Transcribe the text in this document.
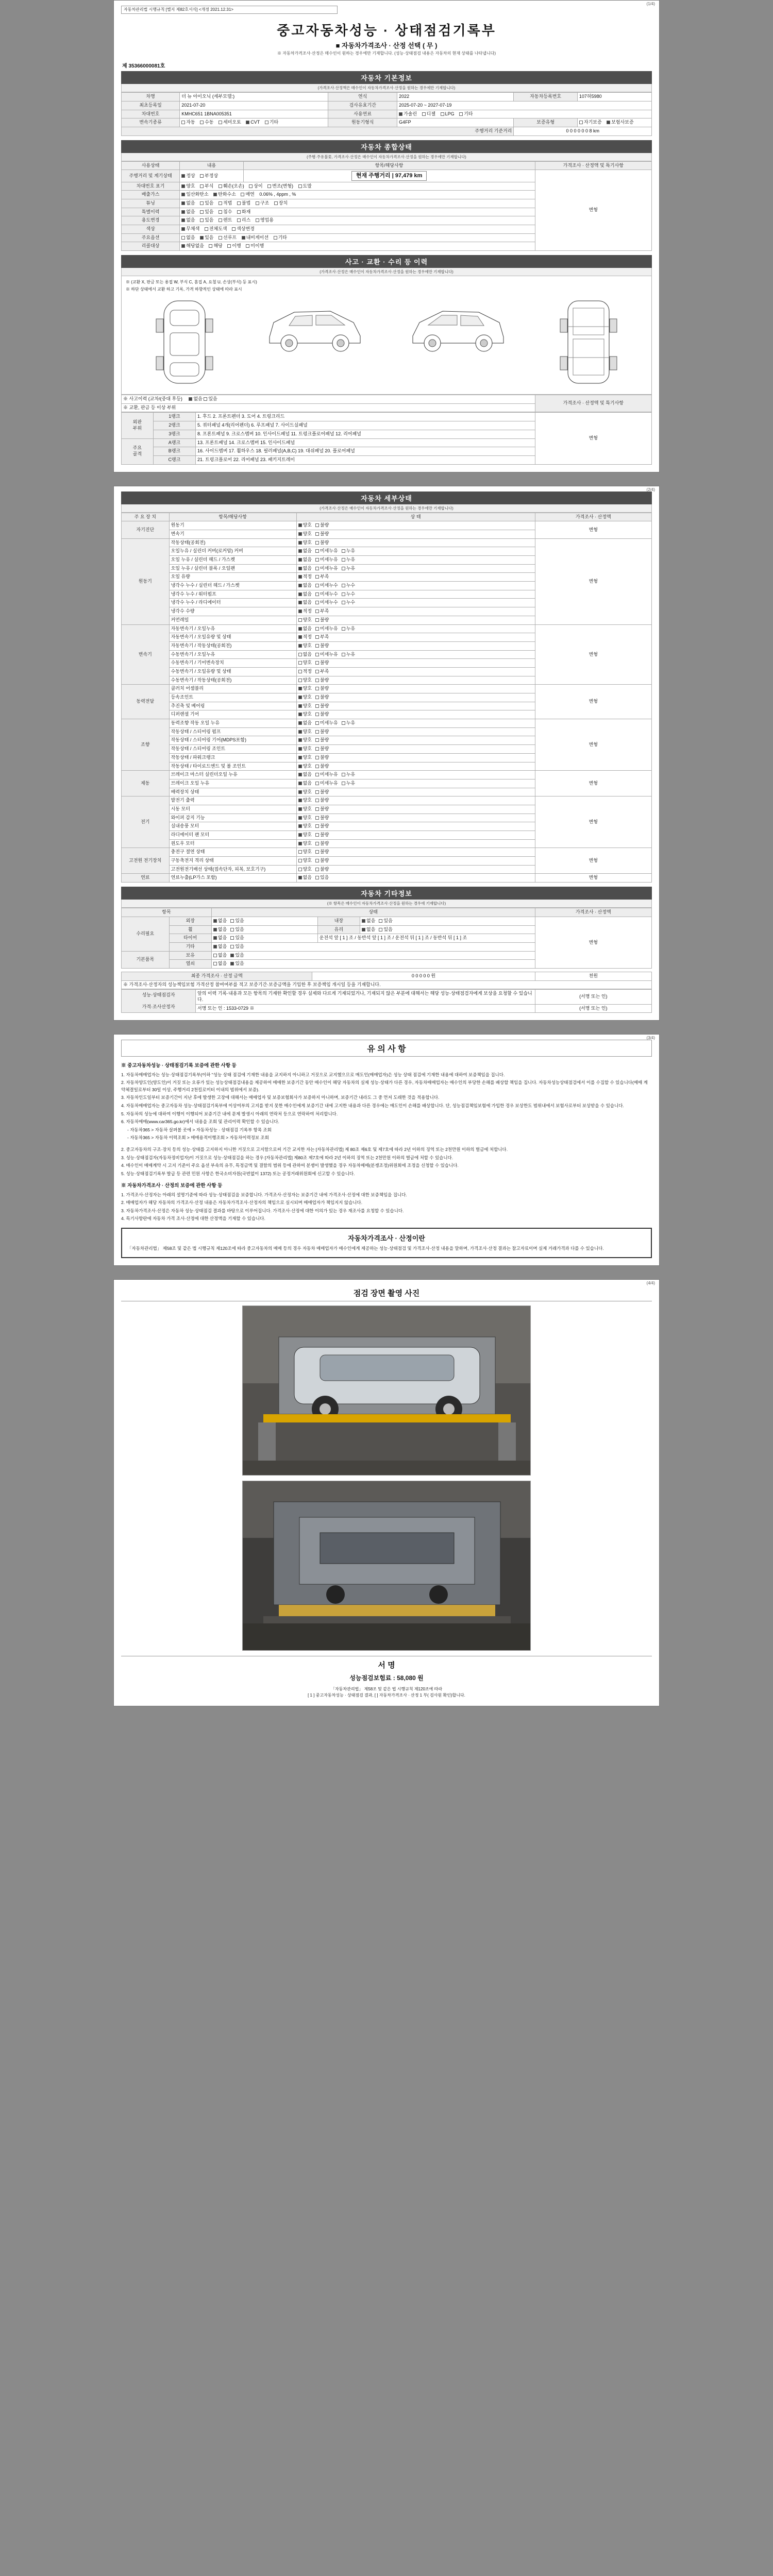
(1/4)
자동차관리법 시행규칙 [별지 제82호서식] <개정 2021.12.31>
중고자동차성능 · 상태점검기록부
■ 자동차가격조사 · 산정 선택 ( 무 )
※ 자동차가격조사·산정은 매수인이 원하는 경우에만 기재합니다. (성능·상태점검 내용은 자동차의 현재 상태를 나타냅니다)
제 35366000081호
자동차 기본정보
(가격조사·산정액은 매수인이 자동차가격조사·산정을 원하는 경우에만 기재합니다)
차명	더 뉴 아이오닉 (세부모델:)	연식	2022	자동차등록번호	107허5980
최초등록일	2021-07-20	검사유효기간	2025-07-20 ~ 2027-07-19		
차대번호	KMHC651 1BNA005351	사용연료	가솔린 디젤 LPG 기타		
변속기종류	자동 수동 세미오토 CVT 기타	원동기형식	G4FP	보증유형	자기보증 보험사보증
주행거리 기준거리				0 0 0 0 0 0 8 km	
자동차 종합상태
(주행·주유불꽃, 가격조사·산정은 매수인이 자동차가격조사·산정을 원하는 경우에만 기재합니다)
사용상태	내용	항목/해당사항	가격조사 · 산정액 및 특기사항
주행거리 및 계기상태	정상 부정상	현재 주행거리 | 97,479 km	변형
차대번호 표기	양호 부식 훼손(오손) 상이 변조(변형) 도말		
배출가스	일산화탄소 탄화수소 매연 0.06% , 4ppm , %		
튜닝	없음 있음 적법 불법 구조 장치		
특별이력	없음 있음 침수 화재		
용도변경	없음 있음 렌트 리스 영업용		
색상	무채색 전체도색 색상변경		
주요옵션	없음 있음 선루프 내비게이션 기타		
리콜대상	해당없음 해당 이행 미이행		
사고 · 교환 · 수리 등 이력
(가격조사·산정은 매수인이 자동차가격조사·산정을 원하는 경우에만 기재합니다)
※ (교환 X, 판금 또는 용접 W, 부식 C, 흠집 A, 요철 U, 손상(부식) 등 표시)
※ 하단 상태에서 교환 하고 기록, 가격 하향적인 상태에 따라 표시
※ 사고이력 (교차/(중대 후등) 없음 있음	가격조사 · 산정액 및 특기사항
※ 교환, 판금 등 이상 부위
외판
부위	1랭크	1. 후드 2. 프론트펜더 3. 도어 4. 트렁크리드	변형
	2랭크	5. 쿼터패널 4개(리어펜더) 6. 루프패널 7. 사이드실패널	
	3랭크	8. 프론트패널 9. 크로스멤버 10. 인사이드패널 11. 트렁크플로어패널 12. 리어패널	
주요
골격	A랭크	13. 프론트패널 14. 크로스멤버 15. 인사이드패널	
	B랭크	16. 사이드멤버 17. 휠하우스 18. 필러패널(A,B,C) 19. 대쉬패널 20. 플로어패널	
	C랭크	21. 트렁크플로어 22. 리어패널 23. 패키지트레이	
(2/4)
자동차 세부상태
(가격조사·산정은 매수인이 자동차가격조사·산정을 원하는 경우에만 기재합니다)
주 요 장 치	항목/해당사항	상 태	가격조사 · 산정액
자기진단	원동기	양호 불량	변형
	변속기	양호 불량	
원동기	작동상태(공회전)	양호 불량	변형
	오일누유 / 실린더 커버(로커암) 커버	없음 미세누유 누유	
	오일 누유 / 실린더 헤드 / 가스켓	없음 미세누유 누유	
	오일 누유 / 실린더 블록 / 오일팬	없음 미세누유 누유	
	오일 유량	적정 부족	
	냉각수 누수 / 실린더 헤드 / 가스켓	없음 미세누수 누수	
	냉각수 누수 / 워터펌프	없음 미세누수 누수	
	냉각수 누수 / 라디에이터	없음 미세누수 누수	
	냉각수 수량	적정 부족	
	커먼레일	양호 불량	
변속기	자동변속기 / 오일누유	없음 미세누유 누유	변형
	자동변속기 / 오일유량 및 상태	적정 부족	
	자동변속기 / 작동상태(공회전)	양호 불량	
	수동변속기 / 오일누유	없음 미세누유 누유	
	수동변속기 / 기어변속장치	양호 불량	
	수동변속기 / 오일유량 및 상태	적정 부족	
	수동변속기 / 작동상태(공회전)	양호 불량	
동력전달	클러치 어셈블리	양호 불량	변형
	등속조인트	양호 불량	
	추진축 및 베어링	양호 불량	
	디퍼렌셜 기어	양호 불량	
조향	동력조향 작동 오일 누유	없음 미세누유 누유	변형
	작동상태 / 스티어링 펌프	양호 불량	
	작동상태 / 스티어링 기어(MDPS포함)	양호 불량	
	작동상태 / 스티어링 조인트	양호 불량	
	작동상태 / 파워크랭크	양호 불량	
	작동상태 / 타이로드엔드 및 볼 조인트	양호 불량	
제동	브레이크 마스터 실린더오일 누유	없음 미세누유 누유	변형
	브레이크 오일 누유	없음 미세누유 누유	
	배력장치 상태	양호 불량	
전기	발전기 출력	양호 불량	변형
	시동 모터	양호 불량	
	와이퍼 감지 기능	양호 불량	
	실내송풍 모터	양호 불량	
	라디에이터 팬 모터	양호 불량	
	윈도우 모터	양호 불량	
고전원 전기장치	충전구 절연 상태	양호 불량	변형
	구동축전지 격리 상태	양호 불량	
	고전원전기배선 상태(접속단자, 피복, 보호기구)	양호 불량	
연료	연료누출(LP가스 포함)	없음 있음	변형
자동차 기타정보
(※ 항목은 매수인이 자동차가격조사·산정을 원하는 경우에 기재합니다)
항목		상태			가격조사 · 산정액
수리필요	외장	없음 있음	내장	없음 있음	변형
	휠	없음 있음	유리	없음 있음	
	타이어	없음 있음	운전석 앞 [ 1 ] 조 / 동반석 앞 [ 1 ] 조 / 운전석 뒤 [ 1 ] 조 / 동반석 뒤 [ 1 ] 조		
	기타	없음 있음			
기본품목	보유	없음 있음			
	열쇠	없음 있음			
최종 가격조사 · 산정 금액	0 0 0 0 0 원	천원
※ 가격조사·산정자의 성능책임보험 가격산정 참여여부를 적고 보증기간·보증금액을 기입한 후 보증책임 개시일 등을 기재합니다.
성능·상태점검자

가격·조사산정자	앞의 이력 기록·내용과 모든 항목의 기재한 확인할 경우 실제와 다르게 기재되었거나, 기재되지 않은 부분에 대해서는 해당 성능·상태점검자에게 보상을 요청할 수 있습니다.	(서명 또는 인)
	서명 또는 인 : 1533-0729 ※	(서명 또는 인)
(3/4)
유 의 사 항
※ 중고자동차성능 · 상태점검기록 보증에 관한 사항 등

1. 자동차매매업자는 성능·상태점검기록부(이하 "성능 상태 점검에 기재한 내용을 교지하지 아니하고 거짓으로 교지했으므로 매도인(매매업자)은 성능 상태 점검에 기재한 내용에 대하여 보증책임을 집니다.

2. 자동차양도인(양도인)이 거짓 또는 오류가 있는 성능상태점검내용을 제공하여 매매한 보증기간 동안 매수인이 해당 자동차의 실제 성능·상태가 다른 경우, 자동차매매업자는 매수인의 부당한 손해를 배상할 책임을 집니다. 자동차성능상태점검에서 이를 수집할 수 있습니다(매매 계약체결일로부터 30일 이상, 주행거리 2천킬로미터 이내의 범위에서 보증).

3. 자동차인도일부터 보증기간이 지난 후에 발생한 고장에 대해서는 매매업자 및 보증보험회사가 보증하지 아니하며, 보증기간 내라도 그 중 먼저 도래한 것을 적용합니다.

4. 자동차매매업자는 중고자동차 성능·상태점검기록부에 이상여부의 고지를 받지 못한 매수인에게 보증기간 내에 고지한 내용과 다른 경우에는 매도인이 손해를 배상합니다. 단, 성능점검책임보험에 가입한 경우 보상한도 범위내에서 보험사로부터 보상받을 수 있습니다.

5. 자동차의 성능에 대하여 이행이 이행되어 보증기간 내에 문제 발생시 아래의 연락처 등으로 연락하여 처리합니다.

6. 자동차매매(www.car365.go.kr)에서 내용을 조회 및 관리이력 확인할 수 있습니다.

- 자동차365 > 자동차 살펴볼 곳에 > 자동차성능 · 상태점검 기록부 항목 조회

- 자동차365 > 자동차 이력조회 > 매매용적이행조회 > 자동차이력정보 조회

2. 중고자동차의 구조·장치 등의 성능·상태를 고지하지 아니한 거짓으로 고지함으로써 기간 교지한 자는 [자동차관리법] 제 80조 제6호 및 제7호에 따라 2년 이하의 징역 또는 2천만원 이하의 벌금에 처합니다.

3. 성능·상태점검자(자동차정비업자)이 거짓으로 성능·상태점검을 하는 경우 [자동차관리법] 제80조 제7호에 따라 2년 이하의 징역 또는 2천만원 이하의 벌금에 처할 수 있습니다.

4. 매수인이 매매계약 시 고지 기준이 주요 옵션 부속의 유무, 특정금액 및 결함의 범위 등에 관하여 분쟁이 발생했을 경우 자동차매매(분쟁조정)위원회에 조정을 신청할 수 있습니다.

5. 성능·상태점검기록부 발급 등 관련 민원 사항은 한국소비자원(국번없이 1372) 또는 공정거래위원회에 신고할 수 있습니다.

※ 자동차가격조사 · 산정의 보증에 관한 사항 등

1. 가격조사·산정자는 아래의 설명기준에 따라 성능·상태점검을 보증합니다. 가격조사·산정자는 보증기간 내에 가격조사·산정에 대한 보증책임을 집니다.

2. 매매업자가 해당 자동차의 가격조사·산정 내용은 자동차가격조사·산정자의 책임으로 실시되며 매매업자가 책임지지 않습니다.

3. 자동차가격조사·산정은 자동차 성능·상태점검 결과를 바탕으로 이루어집니다. 가격조사·산정에 대한 이의가 있는 경우 재조사를 요청할 수 있습니다.

4. 특기사항란에 자동차 가격 조사·산정에 대한 산정액을 기재할 수 있습니다.

자동차가격조사 · 산정이란

「자동차관리법」 제58조 및 같은 법 시행규칙 제120조에 따라 중고자동차의 매매 등의 경우 자동차 매매업자가 매수인에게 제공하는 성능·상태점검 및 가격조사·산정 내용을 말하며, 가격조사·산정 결과는 참고자료이며 실제 거래가격과 다를 수 있습니다.

(4/4)
점검 장면 촬영 사진
서 명
성능점검보험료 : 58,080 원
「자동차관리법」 제58조 및 같은 법 시행규칙 제120조에 따라
[ 1 ] 중고자동차성능 · 상태점검 결과, [ ] 자동차가격조사 · 산정 1 부( 검사원 확인)합니다.
